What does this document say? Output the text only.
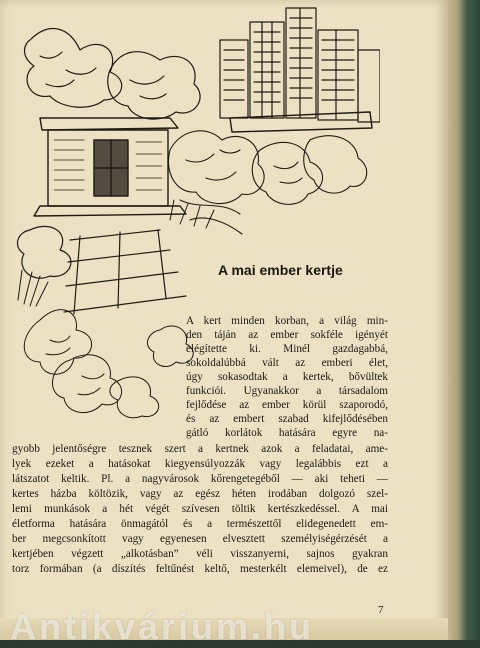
A mai ember kertje
A kert minden korban, a világ min-
den táján az ember sokféle igényét
elégítette ki. Minél gazdagabbá,
sokoldalúbbá vált az emberi élet,
úgy sokasodtak a kertek, bővültek
funkciói. Ugyanakkor a társadalom
fejlődése az ember körül szaporodó,
és az embert szabad kifejlődésében
gátló korlátok hatására egyre na-
gyobb jelentőségre tesznek szert a kertnek azok a feladatai, ame-
lyek ezeket a hatásokat kiegyensúlyozzák vagy legalábbis ezt a
látszatot keltik. Pl. a nagyvárosok kőrengetegéből — aki teheti —
kertes házba költözik, vagy az egész héten irodában dolgozó szel-
lemi munkások a hét végét szívesen töltik kertészkedéssel. A mai
életforma hatására önmagától és a természettől elidegenedett em-
ber megcsonkított vagy egyenesen elvesztett személyiségérzését a
kertjében végzett „alkotásban” véli visszanyerni, sajnos gyakran
torz formában (a díszítés feltűnést keltő, mesterkélt elemeivel), de ez
7
Antikvárium.hu
